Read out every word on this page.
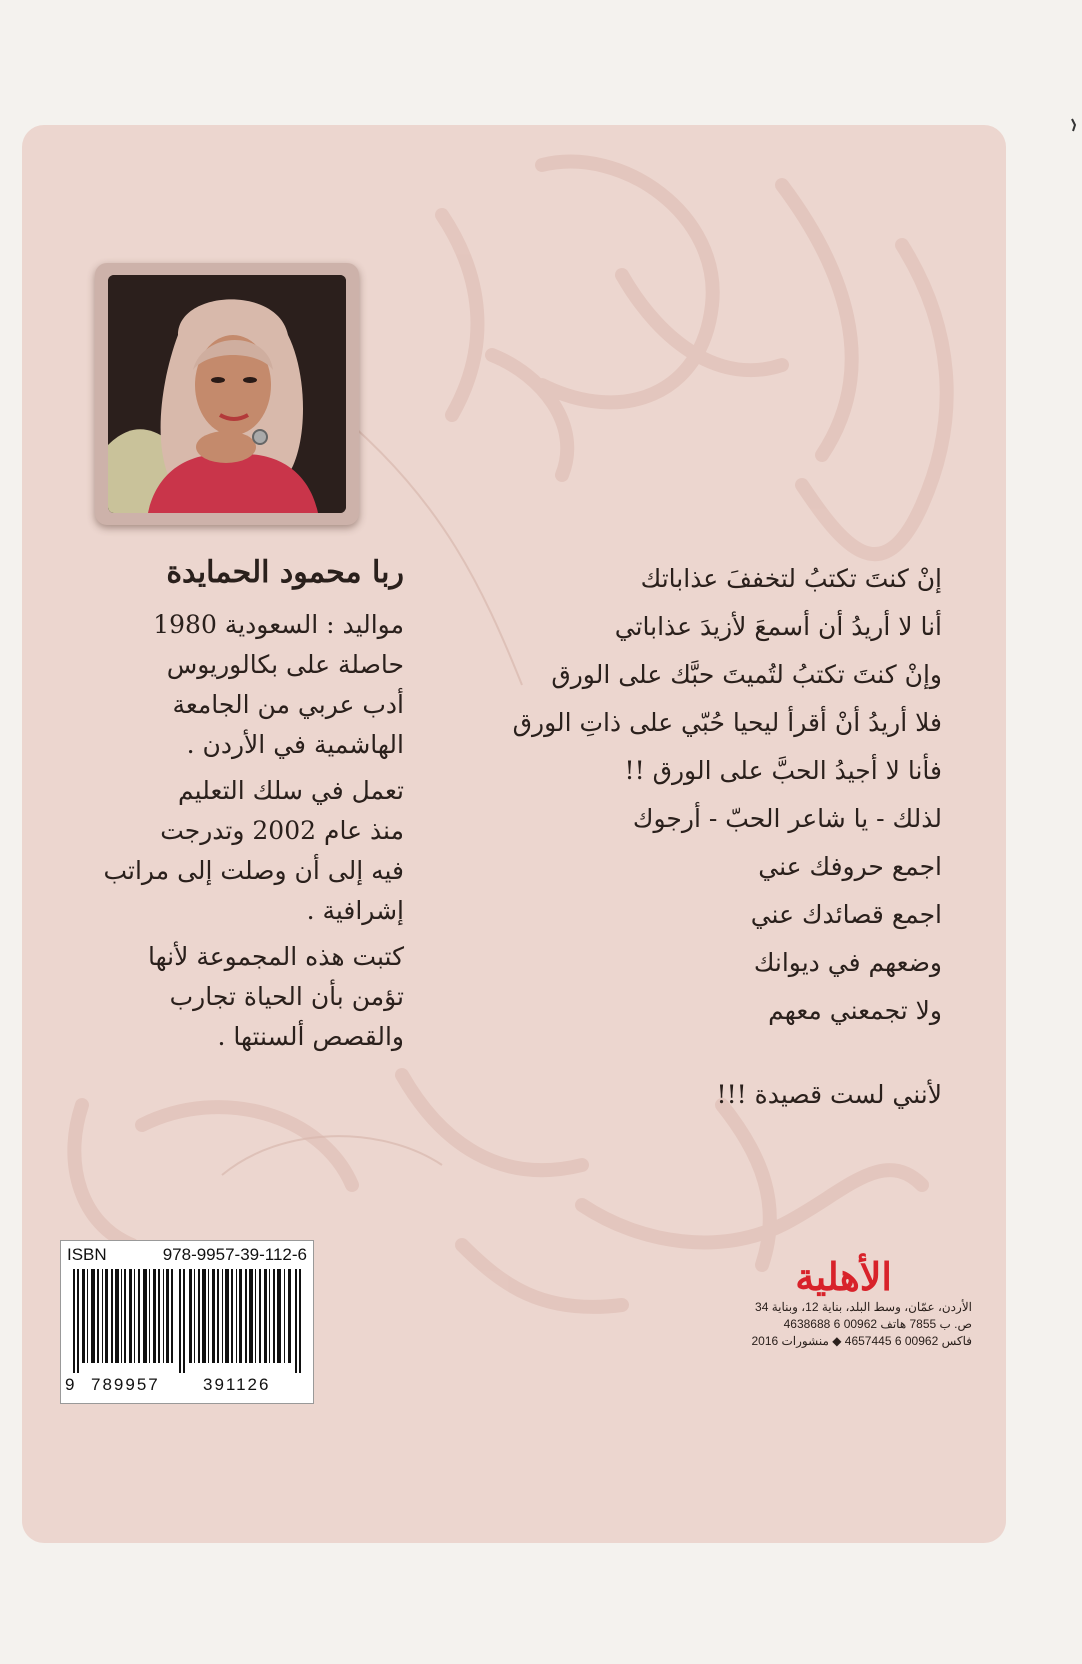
ربا محمود الحمايدة

مواليد : السعودية 1980

حاصلة على بكالوريوس

أدب عربي من الجامعة

الهاشمية في الأردن .

تعمل في سلك التعليم

منذ عام 2002 وتدرجت

فيه إلى أن وصلت إلى مراتب

إشرافية .

كتبت هذه المجموعة لأنها

تؤمن بأن الحياة تجارب

والقصص ألسنتها .

إنْ كنتَ تكتبُ لتخففَ عذاباتك

أنا لا أريدُ أن أسمعَ لأزيدَ عذاباتي

وإنْ كنتَ تكتبُ لتُميتَ حبَّك على الورق

فلا أريدُ أنْ أقرأ ليحيا حُبّي على ذاتِ الورق

فأنا لا أجيدُ الحبَّ على الورق !!

لذلك - يا شاعر الحبّ - أرجوك

اجمع حروفك عني

اجمع قصائدك عني

وضعهم في ديوانك

ولا تجمعني معهم

لأنني لست قصيدة !!!

ISBN	978-9957-39-112-6
9 789957	391126
الأهلية
الأردن، عمّان، وسط البلد، بناية 12، وبناية 34
ص. ب 7855 هاتف 00962 6 4638688
فاكس 00962 6 4657445 ◆ منشورات 2016
